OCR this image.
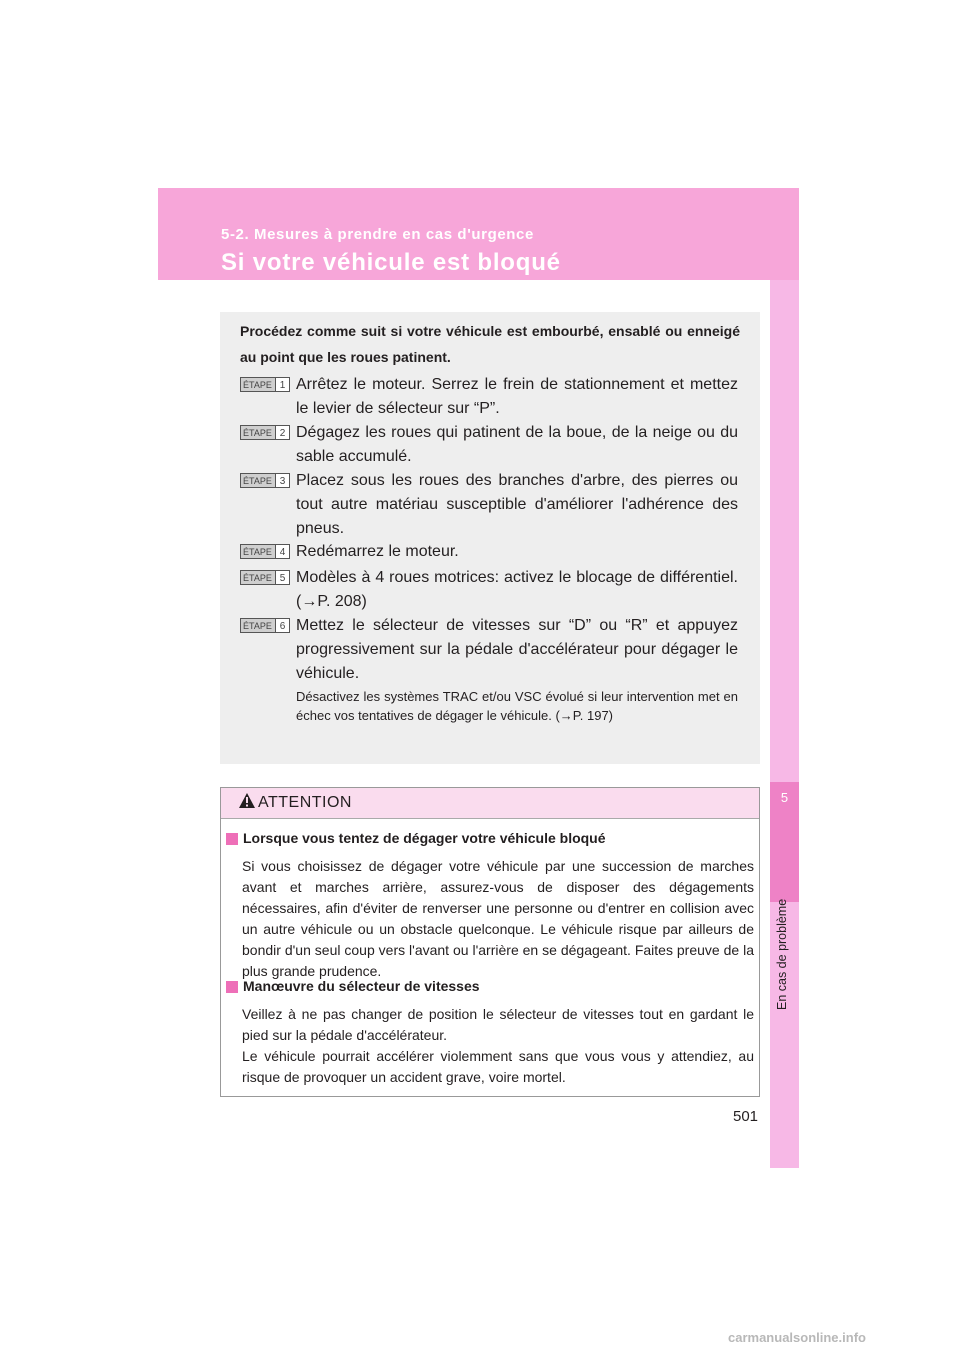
5-2. Mesures à prendre en cas d'urgence
Si votre véhicule est bloqué
5
En cas de problème
Procédez comme suit si votre véhicule est embourbé, ensablé ou enneigé au point que les roues patinent.
ÉTAPE 1 Arrêtez le moteur. Serrez le frein de stationnement et mettez le levier de sélecteur sur “P”.
ÉTAPE 2 Dégagez les roues qui patinent de la boue, de la neige ou du sable accumulé.
ÉTAPE 3 Placez sous les roues des branches d'arbre, des pierres ou tout autre matériau susceptible d'améliorer l'adhérence des pneus.
ÉTAPE 4 Redémarrez le moteur.
ÉTAPE 5 Modèles à 4 roues motrices: activez le blocage de différentiel. (→P. 208)
ÉTAPE 6 Mettez le sélecteur de vitesses sur “D” ou “R” et appuyez progressivement sur la pédale d'accélérateur pour dégager le véhicule.
Désactivez les systèmes TRAC et/ou VSC évolué si leur intervention met en échec vos tentatives de dégager le véhicule. (→P. 197)
ATTENTION
Lorsque vous tentez de dégager votre véhicule bloqué
Si vous choisissez de dégager votre véhicule par une succession de marches avant et marches arrière, assurez-vous de disposer des dégagements nécessaires, afin d'éviter de renverser une personne ou d'entrer en collision avec un autre véhicule ou un obstacle quelconque. Le véhicule risque par ailleurs de bondir d'un seul coup vers l'avant ou l'arrière en se dégageant. Faites preuve de la plus grande prudence.
Manœuvre du sélecteur de vitesses
Veillez à ne pas changer de position le sélecteur de vitesses tout en gardant le pied sur la pédale d'accélérateur.
Le véhicule pourrait accélérer violemment sans que vous vous y attendiez, au risque de provoquer un accident grave, voire mortel.
501
carmanualsonline.info
